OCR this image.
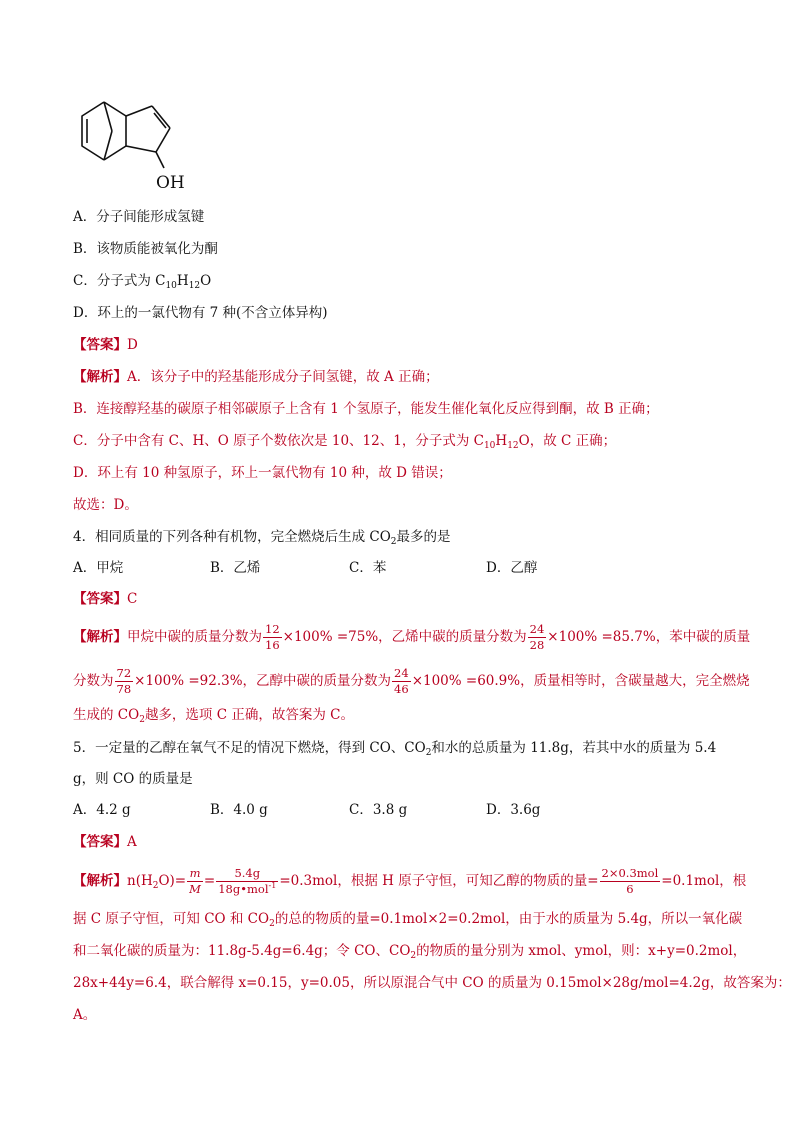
OH
A．分子间能形成氢键
B．该物质能被氧化为酮
C．分子式为 $C_{10}H_{12}O$
D．环上的一氯代物有 7 种(不含立体异构)
【答案】D
【解析】A．该分子中的羟基能形成分子间氢键，故 A 正确；
B．连接醇羟基的碳原子相邻碳原子上含有 1 个氢原子，能发生催化氧化反应得到酮，故 B 正确；
C．分子中含有 C、H、O 原子个数依次是 10、12、1，分子式为 $C_{10}H_{12}O$，故 C 正确；
D．环上有 10 种氢原子，环上一氯代物有 10 种，故 D 错误；
故选：D。
4．相同质量的下列各种有机物，完全燃烧后生成 $CO_2$最多的是
A．甲烷	B．乙烯	C．苯	D．乙醇
【答案】C
【解析】甲烷中碳的质量分数为 $\frac{12}{16} \times 100\% =75\%$，乙烯中碳的质量分数为 $\frac{24}{28} \times 100\% =85.7\%$，苯中碳的质量
分数为 $\frac{72}{78} \times 100\% =92.3\%$，乙醇中碳的质量分数为 $\frac{24}{46} \times 100\% =60.9\%$，质量相等时，含碳量越大，完全燃烧
生成的 $CO_2$越多，选项 C 正确，故答案为 C。
5．一定量的乙醇在氧气不足的情况下燃烧，得到 CO、$CO_2$和水的总质量为 11.8g，若其中水的质量为 5.4
g，则 CO 的质量是
A．4.2 g	B．4.0 g	C．3.8 g	D．3.6g
【答案】A
【解析】$n(H_2O)= \frac{m}{M} = \frac{5.4g}{18g•mol^{-1}} =0.3mol$，根据 H 原子守恒，可知乙醇的物质的量= $\frac{\text{2×0.3mol}}{6} =0.1mol$，根
据 C 原子守恒，可知 CO 和 $CO_2$的总的物质的量=0.1mol×2=0.2mol，由于水的质量为 5.4g，所以一氧化碳
和二氧化碳的质量为：11.8g-5.4g=6.4g；令 CO、$CO_2$的物质的量分别为 xmol、ymol，则：x+y=0.2mol，
28x+44y=6.4，联合解得 x=0.15，y=0.05，所以原混合气中 CO 的质量为 0.15mol×28g/mol=4.2g，故答案为：
A。
